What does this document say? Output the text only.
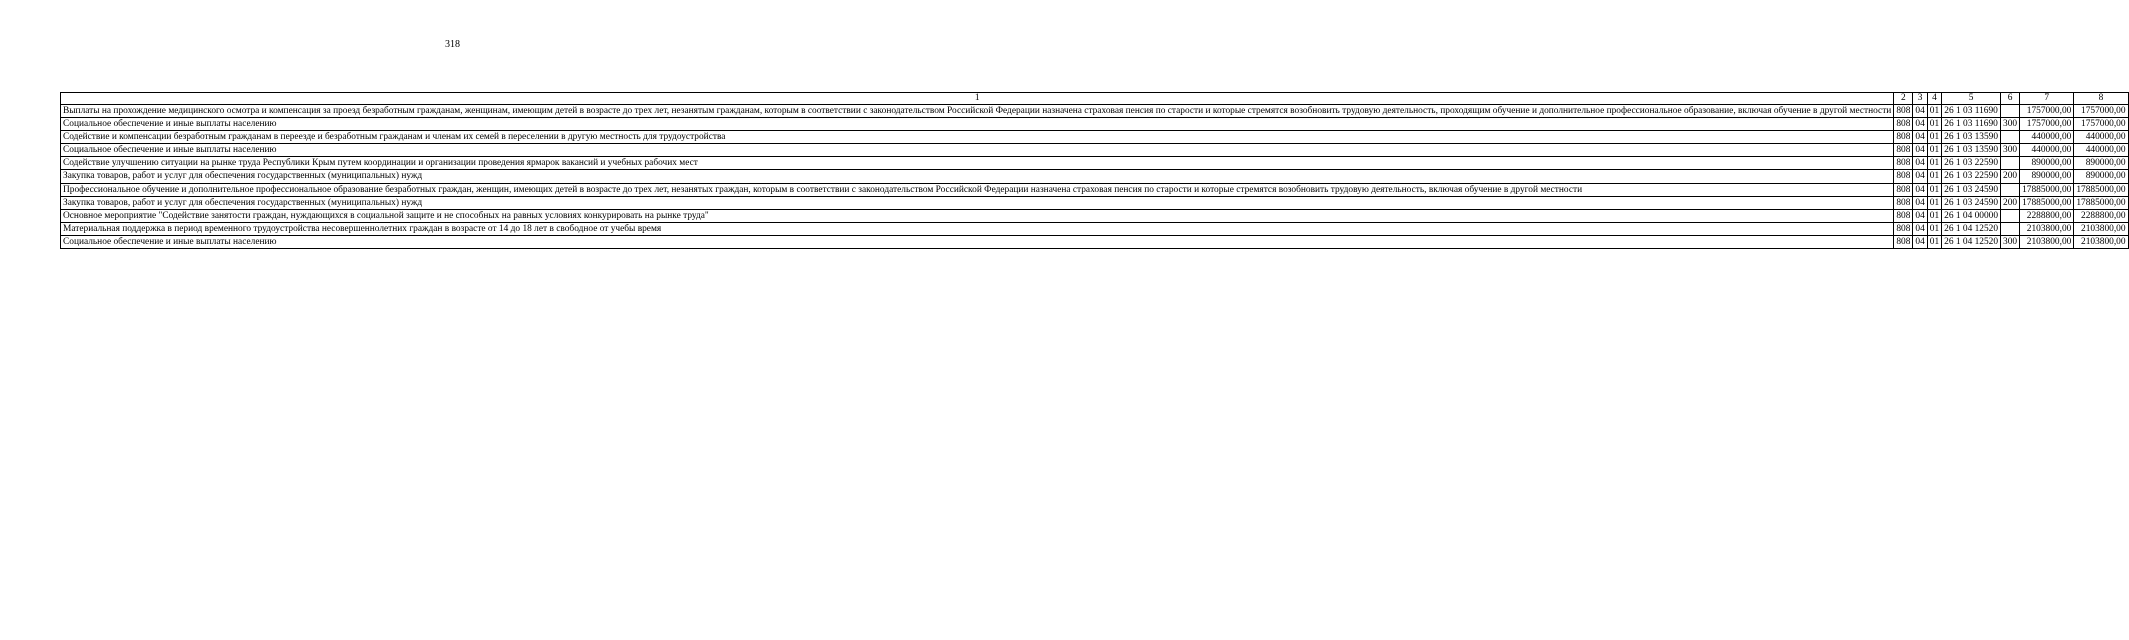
318
1	2	3	4	5	6	7	8
Выплаты на прохождение медицинского осмотра и компенсация за проезд безработным гражданам, женщинам, имеющим детей в возрасте до трех лет, незанятым гражданам, которым в соответствии с законодательством Российской Федерации назначена страховая пенсия по старости и которые стремятся возобновить трудовую деятельность, проходящим обучение и дополнительное профессиональное образование, включая обучение в другой местности	808	04	01	26 1 03 11690		1757000,00	1757000,00
Социальное обеспечение и иные выплаты населению	808	04	01	26 1 03 11690	300	1757000,00	1757000,00
Содействие и компенсации безработным гражданам в переезде и безработным гражданам и членам их семей в переселении в другую местность для трудоустройства	808	04	01	26 1 03 13590		440000,00	440000,00
Социальное обеспечение и иные выплаты населению	808	04	01	26 1 03 13590	300	440000,00	440000,00
Содействие улучшению ситуации на рынке труда Республики Крым путем координации и организации проведения ярмарок вакансий и учебных рабочих мест	808	04	01	26 1 03 22590		890000,00	890000,00
Закупка товаров, работ и услуг для обеспечения государственных (муниципальных) нужд	808	04	01	26 1 03 22590	200	890000,00	890000,00
Профессиональное обучение и дополнительное профессиональное образование безработных граждан, женщин, имеющих детей в возрасте до трех лет, незанятых граждан, которым в соответствии с законодательством Российской Федерации назначена страховая пенсия по старости и которые стремятся возобновить трудовую деятельность, включая обучение в другой местности	808	04	01	26 1 03 24590		17885000,00	17885000,00
Закупка товаров, работ и услуг для обеспечения государственных (муниципальных) нужд	808	04	01	26 1 03 24590	200	17885000,00	17885000,00
Основное мероприятие "Содействие занятости граждан, нуждающихся в социальной защите и не способных на равных условиях конкурировать на рынке труда"	808	04	01	26 1 04 00000		2288800,00	2288800,00
Материальная поддержка в период временного трудоустройства несовершеннолетних граждан в возрасте от 14 до 18 лет в свободное от учебы время	808	04	01	26 1 04 12520		2103800,00	2103800,00
Социальное обеспечение и иные выплаты населению	808	04	01	26 1 04 12520	300	2103800,00	2103800,00
